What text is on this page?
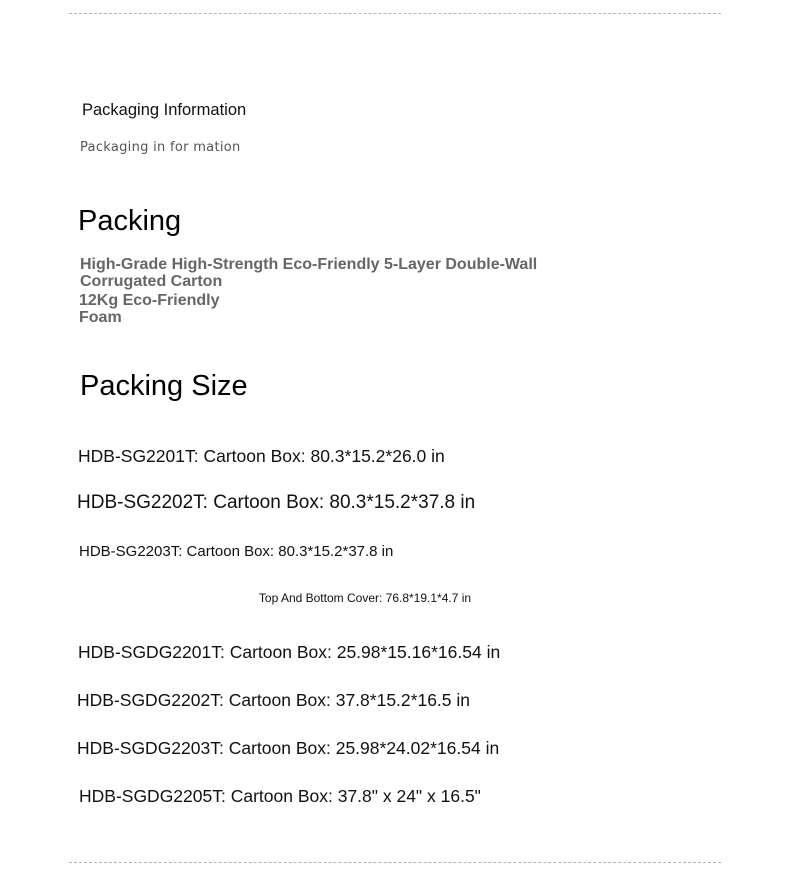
Packaging Information
Packaging in for mation
Packing
High-Grade High-Strength Eco-Friendly 5-Layer Double-Wall Corrugated Carton
12Kg Eco-Friendly
Foam
Packing Size
HDB-SG2201T: Cartoon Box: 80.3*15.2*26.0 in
HDB-SG2202T: Cartoon Box: 80.3*15.2*37.8 in
HDB-SG2203T: Cartoon Box: 80.3*15.2*37.8 in
Top And Bottom Cover: 76.8*19.1*4.7 in
HDB-SGDG2201T: Cartoon Box: 25.98*15.16*16.54 in
HDB-SGDG2202T: Cartoon Box: 37.8*15.2*16.5 in
HDB-SGDG2203T: Cartoon Box: 25.98*24.02*16.54 in
HDB-SGDG2205T: Cartoon Box: 37.8" x 24" x 16.5"
